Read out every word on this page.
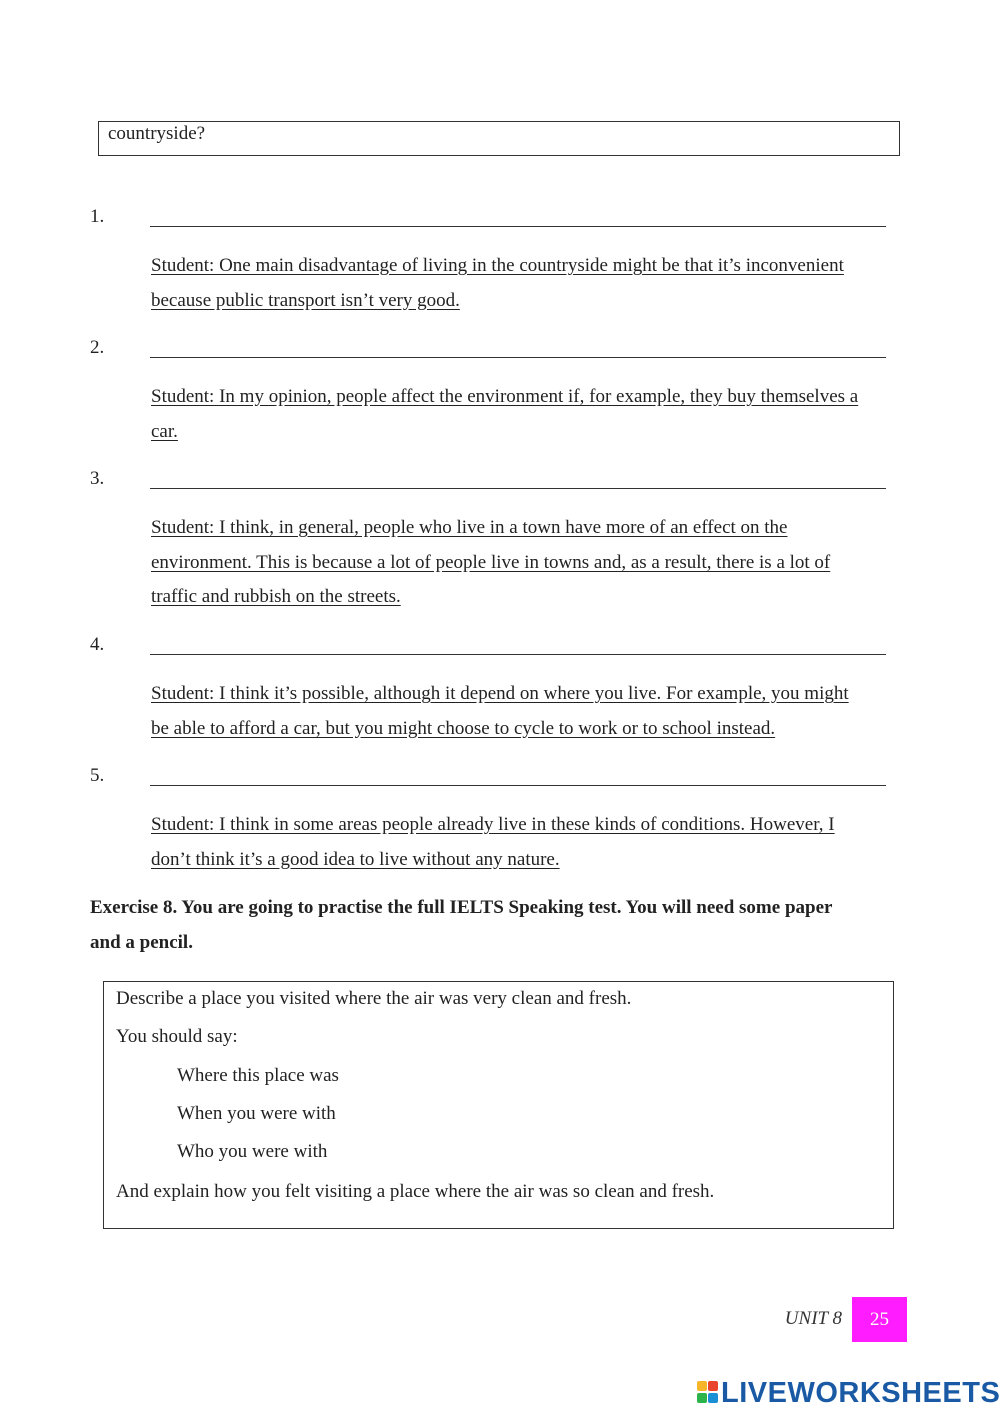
countryside?
1.
Student: One main disadvantage of living in the countryside might be that it’s inconvenient
because public transport isn’t very good.
2.
Student: In my opinion, people affect the environment if, for example, they buy themselves a
car.
3.
Student: I think, in general, people who live in a town have more of an effect on the
environment. This is because a lot of people live in towns and, as a result, there is a lot of
traffic and rubbish on the streets.
4.
Student: I think it’s possible, although it depend on where you live. For example, you might
be able to afford a car, but you might choose to cycle to work or to school instead.
5.
Student: I think in some areas people already live in these kinds of conditions. However, I
don’t think it’s a good idea to live without any nature.
Exercise 8. You are going to practise the full IELTS Speaking test. You will need some paper
and a pencil.
Describe a place you visited where the air was very clean and fresh.
You should say:
Where this place was
When you were with
Who you were with
And explain how you felt visiting a place where the air was so clean and fresh.
UNIT 8	25
LIVEWORKSHEETS
